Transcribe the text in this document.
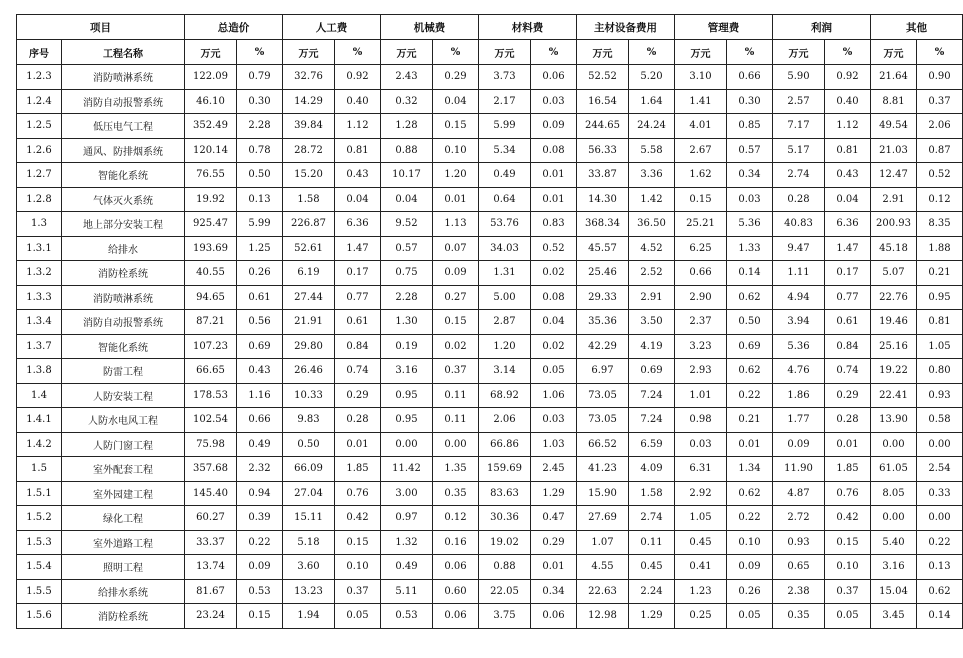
项目		总造价		人工费		机械费		材料费		主材设备费用		管理费		利润		其他	
序号	工程名称	万元	%	万元	%	万元	%	万元	%	万元	%	万元	%	万元	%	万元	%
1.2.3	消防喷淋系统	122.09	0.79	32.76	0.92	2.43	0.29	3.73	0.06	52.52	5.20	3.10	0.66	5.90	0.92	21.64	0.90
1.2.4	消防自动报警系统	46.10	0.30	14.29	0.40	0.32	0.04	2.17	0.03	16.54	1.64	1.41	0.30	2.57	0.40	8.81	0.37
1.2.5	低压电气工程	352.49	2.28	39.84	1.12	1.28	0.15	5.99	0.09	244.65	24.24	4.01	0.85	7.17	1.12	49.54	2.06
1.2.6	通风、防排烟系统	120.14	0.78	28.72	0.81	0.88	0.10	5.34	0.08	56.33	5.58	2.67	0.57	5.17	0.81	21.03	0.87
1.2.7	智能化系统	76.55	0.50	15.20	0.43	10.17	1.20	0.49	0.01	33.87	3.36	1.62	0.34	2.74	0.43	12.47	0.52
1.2.8	气体灭火系统	19.92	0.13	1.58	0.04	0.04	0.01	0.64	0.01	14.30	1.42	0.15	0.03	0.28	0.04	2.91	0.12
1.3	地上部分安装工程	925.47	5.99	226.87	6.36	9.52	1.13	53.76	0.83	368.34	36.50	25.21	5.36	40.83	6.36	200.93	8.35
1.3.1	给排水	193.69	1.25	52.61	1.47	0.57	0.07	34.03	0.52	45.57	4.52	6.25	1.33	9.47	1.47	45.18	1.88
1.3.2	消防栓系统	40.55	0.26	6.19	0.17	0.75	0.09	1.31	0.02	25.46	2.52	0.66	0.14	1.11	0.17	5.07	0.21
1.3.3	消防喷淋系统	94.65	0.61	27.44	0.77	2.28	0.27	5.00	0.08	29.33	2.91	2.90	0.62	4.94	0.77	22.76	0.95
1.3.4	消防自动报警系统	87.21	0.56	21.91	0.61	1.30	0.15	2.87	0.04	35.36	3.50	2.37	0.50	3.94	0.61	19.46	0.81
1.3.7	智能化系统	107.23	0.69	29.80	0.84	0.19	0.02	1.20	0.02	42.29	4.19	3.23	0.69	5.36	0.84	25.16	1.05
1.3.8	防雷工程	66.65	0.43	26.46	0.74	3.16	0.37	3.14	0.05	6.97	0.69	2.93	0.62	4.76	0.74	19.22	0.80
1.4	人防安装工程	178.53	1.16	10.33	0.29	0.95	0.11	68.92	1.06	73.05	7.24	1.01	0.22	1.86	0.29	22.41	0.93
1.4.1	人防水电风工程	102.54	0.66	9.83	0.28	0.95	0.11	2.06	0.03	73.05	7.24	0.98	0.21	1.77	0.28	13.90	0.58
1.4.2	人防门窗工程	75.98	0.49	0.50	0.01	0.00	0.00	66.86	1.03	66.52	6.59	0.03	0.01	0.09	0.01	0.00	0.00
1.5	室外配套工程	357.68	2.32	66.09	1.85	11.42	1.35	159.69	2.45	41.23	4.09	6.31	1.34	11.90	1.85	61.05	2.54
1.5.1	室外园建工程	145.40	0.94	27.04	0.76	3.00	0.35	83.63	1.29	15.90	1.58	2.92	0.62	4.87	0.76	8.05	0.33
1.5.2	绿化工程	60.27	0.39	15.11	0.42	0.97	0.12	30.36	0.47	27.69	2.74	1.05	0.22	2.72	0.42	0.00	0.00
1.5.3	室外道路工程	33.37	0.22	5.18	0.15	1.32	0.16	19.02	0.29	1.07	0.11	0.45	0.10	0.93	0.15	5.40	0.22
1.5.4	照明工程	13.74	0.09	3.60	0.10	0.49	0.06	0.88	0.01	4.55	0.45	0.41	0.09	0.65	0.10	3.16	0.13
1.5.5	给排水系统	81.67	0.53	13.23	0.37	5.11	0.60	22.05	0.34	22.63	2.24	1.23	0.26	2.38	0.37	15.04	0.62
1.5.6	消防栓系统	23.24	0.15	1.94	0.05	0.53	0.06	3.75	0.06	12.98	1.29	0.25	0.05	0.35	0.05	3.45	0.14
